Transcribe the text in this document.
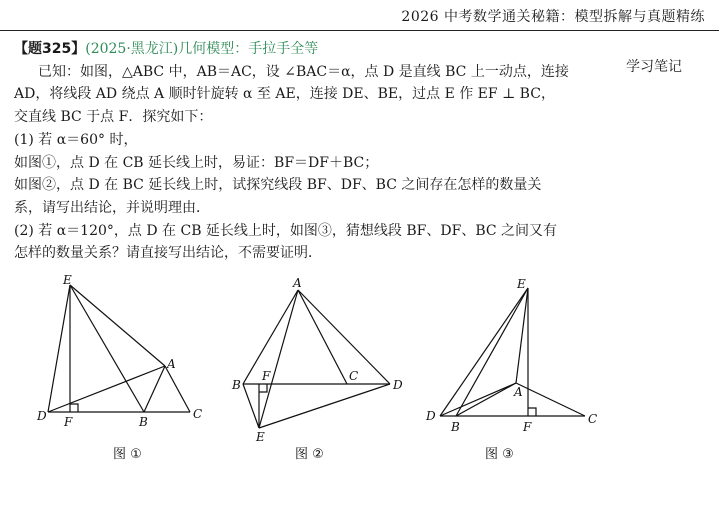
2026 中考数学通关秘籍：模型拆解与真题精练
学习笔记

【题325】(2025·黑龙江)几何模型：手拉手全等

已知：如图，△ABC 中，AB＝AC，设 ∠BAC＝α，点 D 是直线 BC 上一动点，连接

AD，将线段 AD 绕点 A 顺时针旋转 α 至 AE，连接 DE、BE，过点 E 作 EF ⊥ BC，

交直线 BC 于点 F．探究如下：

(1) 若 α＝60° 时，

如图①，点 D 在 CB 延长线上时，易证：BF＝DF＋BC；

如图②，点 D 在 BC 延长线上时，试探究线段 BF、DF、BC 之间存在怎样的数量关

系，请写出结论，并说明理由．

(2) 若 α＝120°，点 D 在 CB 延长线上时，如图③，猜想线段 BF、DF、BC 之间又有

怎样的数量关系？请直接写出结论，不需要证明．

E
A
D F	B
C
A
B
F	C
D
E
E
A
D
B	F
C
图 ①	图 ②	图 ③
